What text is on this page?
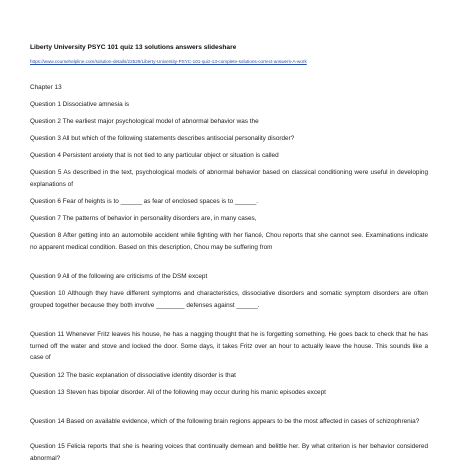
Liberty University PSYC 101 quiz 13 solutions answers slideshare
https://www.coursehelpline.com/solution-details/22529/Liberty-University-PSYC-101-quiz-13-complete-solutions-correct-answers-A-work
Chapter 13
Question 1 Dissociative amnesia is
Question 2 The earliest major psychological model of abnormal behavior was the
Question 3 All but which of the following statements describes antisocial personality disorder?
Question 4 Persistent anxiety that is not tied to any particular object or situation is called
Question 5 As described in the text, psychological models of abnormal behavior based on classical conditioning were useful in developing explanations of
Question 6 Fear of heights is to ______ as fear of enclosed spaces is to ______.
Question 7 The patterns of behavior in personality disorders are, in many cases,
Question 8 After getting into an automobile accident while fighting with her fiancé, Chou reports that she cannot see. Examinations indicate no apparent medical condition. Based on this description, Chou may be suffering from
Question 9 All of the following are criticisms of the DSM except
Question 10 Although they have different symptoms and characteristics, dissociative disorders and somatic symptom disorders are often grouped together because they both involve ________ defenses against ______.
Question 11 Whenever Fritz leaves his house, he has a nagging thought that he is forgetting something. He goes back to check that he has turned off the water and stove and locked the door. Some days, it takes Fritz over an hour to actually leave the house. This sounds like a case of
Question 12 The basic explanation of dissociative identity disorder is that
Question 13 Steven has bipolar disorder. All of the following may occur during his manic episodes except
Question 14 Based on available evidence, which of the following brain regions appears to be the most affected in cases of schizophrenia?
Question 15 Felicia reports that she is hearing voices that continually demean and belittle her. By what criterion is her behavior considered abnormal?
